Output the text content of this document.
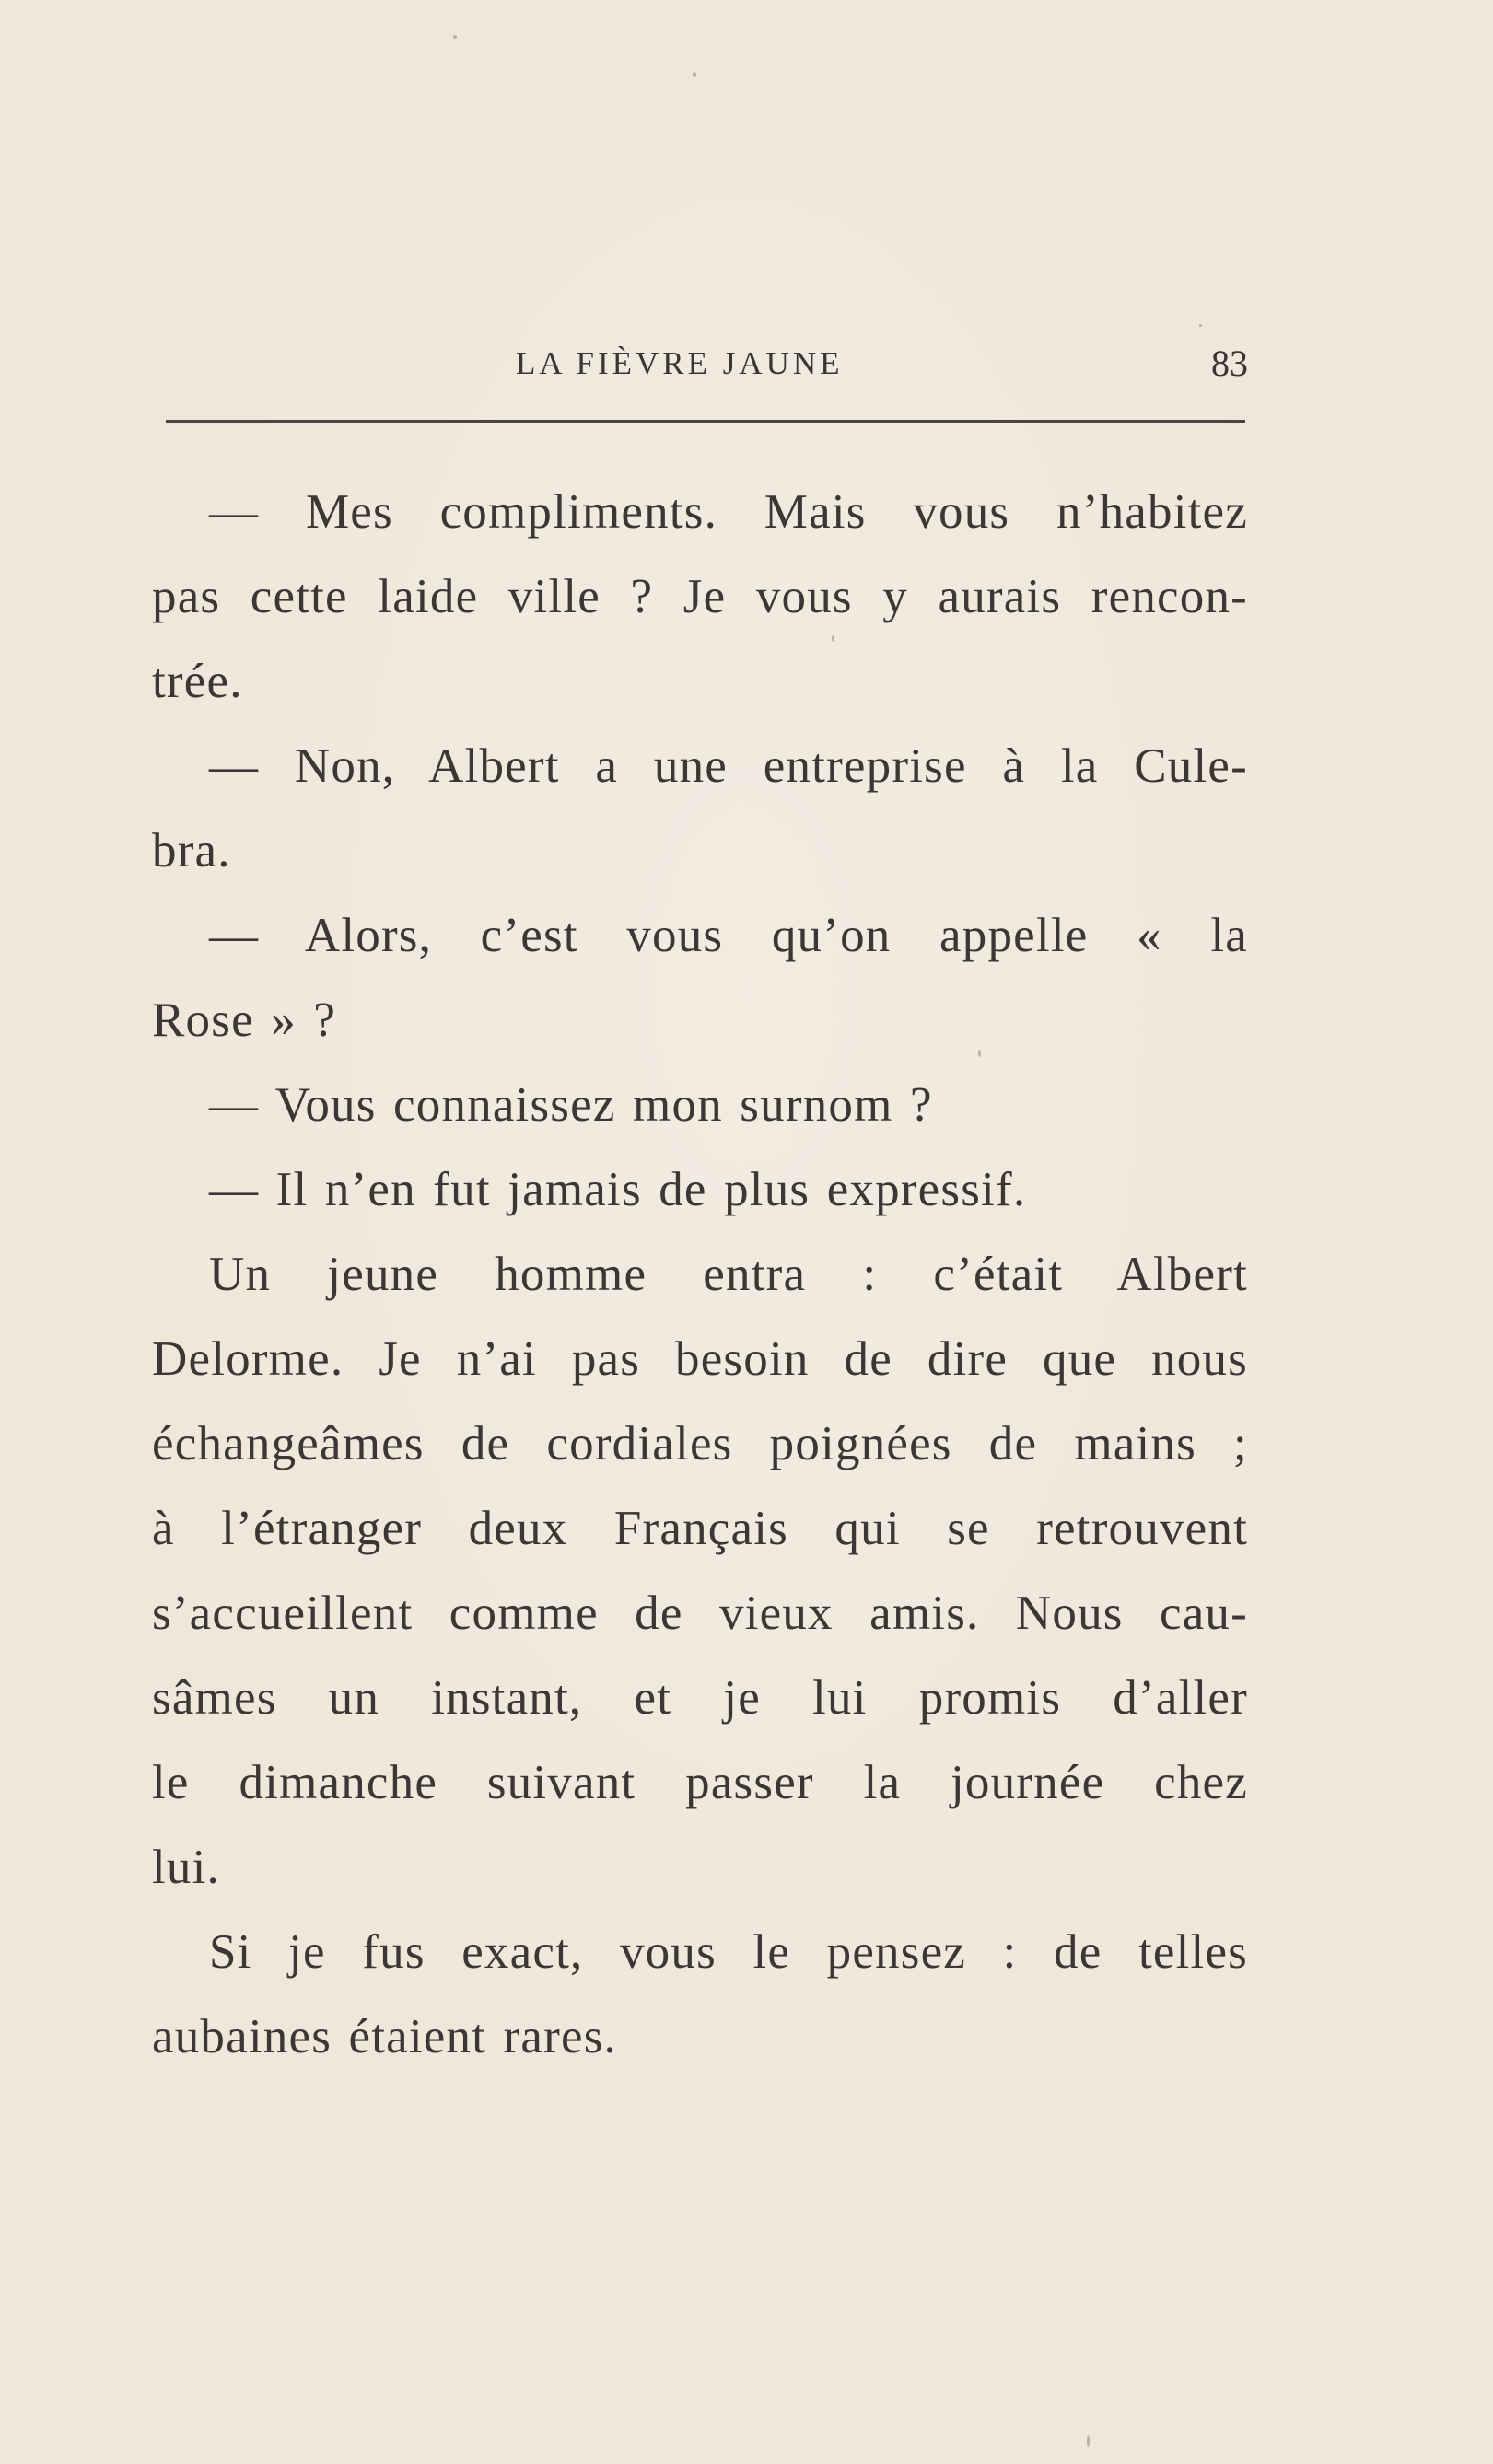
LA FIÈVRE JAUNE	83
— Mes compliments. Mais vous n’habitez
pas cette laide ville ? Je vous y aurais rencon-
trée.
— Non, Albert a une entreprise à la Cule-
bra.
— Alors, c’est vous qu’on appelle « la
Rose » ?
— Vous connaissez mon surnom ?
— Il n’en fut jamais de plus expressif.
Un jeune homme entra : c’était Albert
Delorme. Je n’ai pas besoin de dire que nous
échangeâmes de cordiales poignées de mains ;
à l’étranger deux Français qui se retrouvent
s’accueillent comme de vieux amis. Nous cau-
sâmes un instant, et je lui promis d’aller
le dimanche suivant passer la journée chez
lui.
Si je fus exact, vous le pensez : de telles
aubaines étaient rares.
